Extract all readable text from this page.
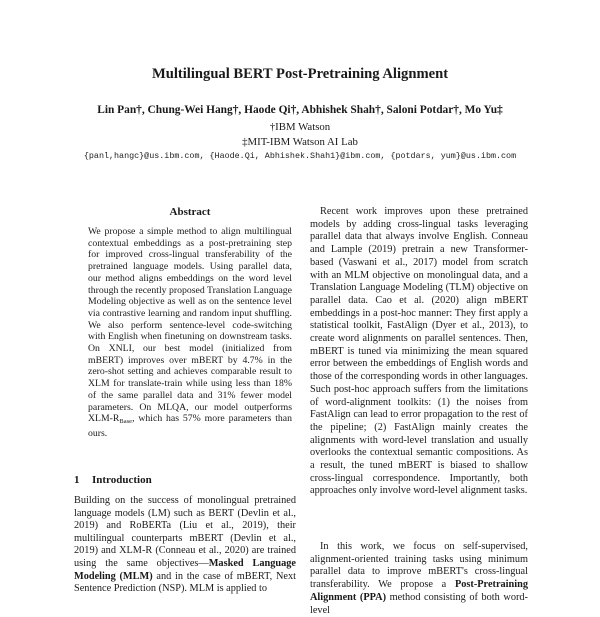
Multilingual BERT Post-Pretraining Alignment

Lin Pan†, Chung-Wei Hang†, Haode Qi†, Abhishek Shah†, Saloni Potdar†, Mo Yu‡

†IBM Watson

‡MIT-IBM Watson AI Lab

{panl,hangc}@us.ibm.com, {Haode.Qi, Abhishek.Shah1}@ibm.com, {potdars, yum}@us.ibm.com

Abstract

We propose a simple method to align multilingual contextual embeddings as a post-pretraining step for improved cross-lingual transferability of the pretrained language models. Using parallel data, our method aligns embeddings on the word level through the recently proposed Translation Language Modeling objective as well as on the sentence level via contrastive learning and random input shuffling. We also perform sentence-level code-switching with English when finetuning on downstream tasks. On XNLI, our best model (initialized from mBERT) improves over mBERT by 4.7% in the zero-shot setting and achieves comparable result to XLM for translate-train while using less than 18% of the same parallel data and 31% fewer model parameters. On MLQA, our model outperforms XLM-$R_{Base}$, which has 57% more parameters than ours.

1 Introduction

Building on the success of monolingual pretrained language models (LM) such as BERT (Devlin et al., 2019) and RoBERTa (Liu et al., 2019), their multilingual counterparts mBERT (Devlin et al., 2019) and XLM-R (Conneau et al., 2020) are trained using the same objectives—Masked Language Modeling (MLM) and in the case of mBERT, Next Sentence Prediction (NSP). MLM is applied to

Recent work improves upon these pretrained models by adding cross-lingual tasks leveraging parallel data that always involve English. Conneau and Lample (2019) pretrain a new Transformer-based (Vaswani et al., 2017) model from scratch with an MLM objective on monolingual data, and a Translation Language Modeling (TLM) objective on parallel data. Cao et al. (2020) align mBERT embeddings in a post-hoc manner: They first apply a statistical toolkit, FastAlign (Dyer et al., 2013), to create word alignments on parallel sentences. Then, mBERT is tuned via minimizing the mean squared error between the embeddings of English words and those of the corresponding words in other languages. Such post-hoc approach suffers from the limitations of word-alignment toolkits: (1) the noises from FastAlign can lead to error propagation to the rest of the pipeline; (2) FastAlign mainly creates the alignments with word-level translation and usually overlooks the contextual semantic compositions. As a result, the tuned mBERT is biased to shallow cross-lingual correspondence. Importantly, both approaches only involve word-level alignment tasks.

In this work, we focus on self-supervised, alignment-oriented training tasks using minimum parallel data to improve mBERT's cross-lingual transferability. We propose a Post-Pretraining Alignment (PPA) method consisting of both word-level
